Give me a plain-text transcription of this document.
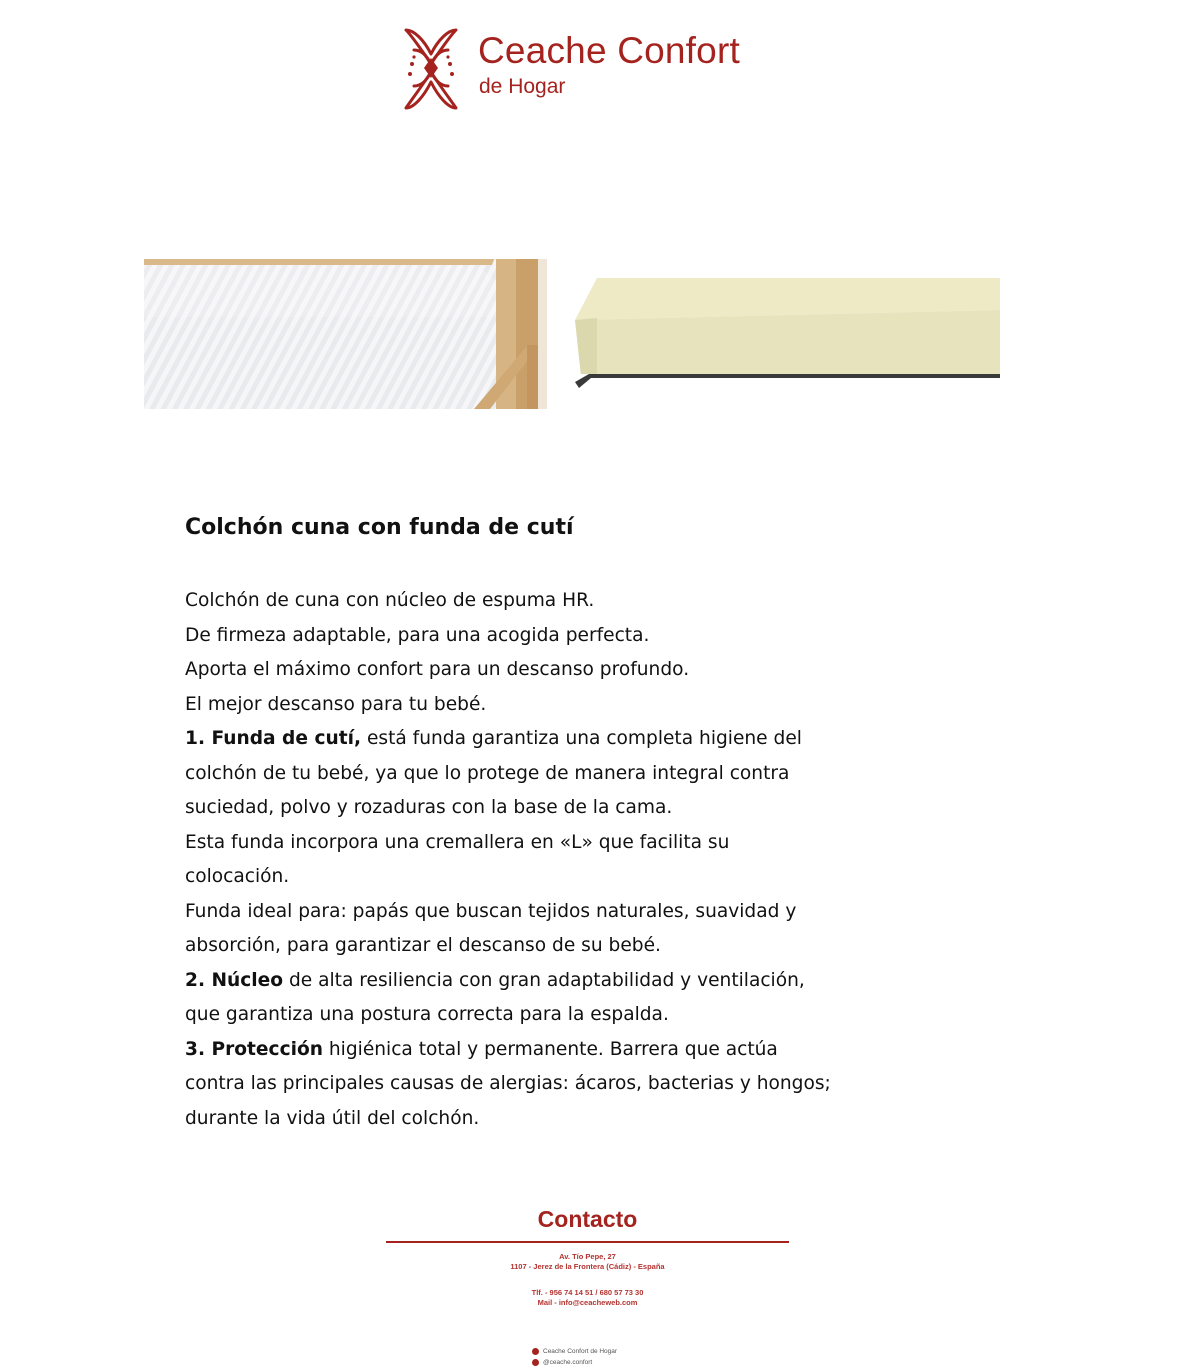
Ceache Confort
de Hogar
Colchón cuna con funda de cutí
Colchón de cuna con núcleo de espuma HR.
De firmeza adaptable, para una acogida perfecta.
Aporta el máximo confort para un descanso profundo.
El mejor descanso para tu bebé.
1. Funda de cutí, está funda garantiza una completa higiene del
colchón de tu bebé, ya que lo protege de manera integral contra
suciedad, polvo y rozaduras con la base de la cama.
Esta funda incorpora una cremallera en «L» que facilita su
colocación.
Funda ideal para: papás que buscan tejidos naturales, suavidad y
absorción, para garantizar el descanso de su bebé.
2. Núcleo de alta resiliencia con gran adaptabilidad y ventilación,
que garantiza una postura correcta para la espalda.
3. Protección higiénica total y permanente. Barrera que actúa
contra las principales causas de alergias: ácaros, bacterias y hongos;
durante la vida útil del colchón.
Contacto
Av. Tío Pepe, 27
1107 - Jerez de la Frontera (Cádiz) - España
Tlf. - 956 74 14 51 / 680 57 73 30
Mail - info@ceacheweb.com
Ceache Confort de Hogar
@ceache.confort
